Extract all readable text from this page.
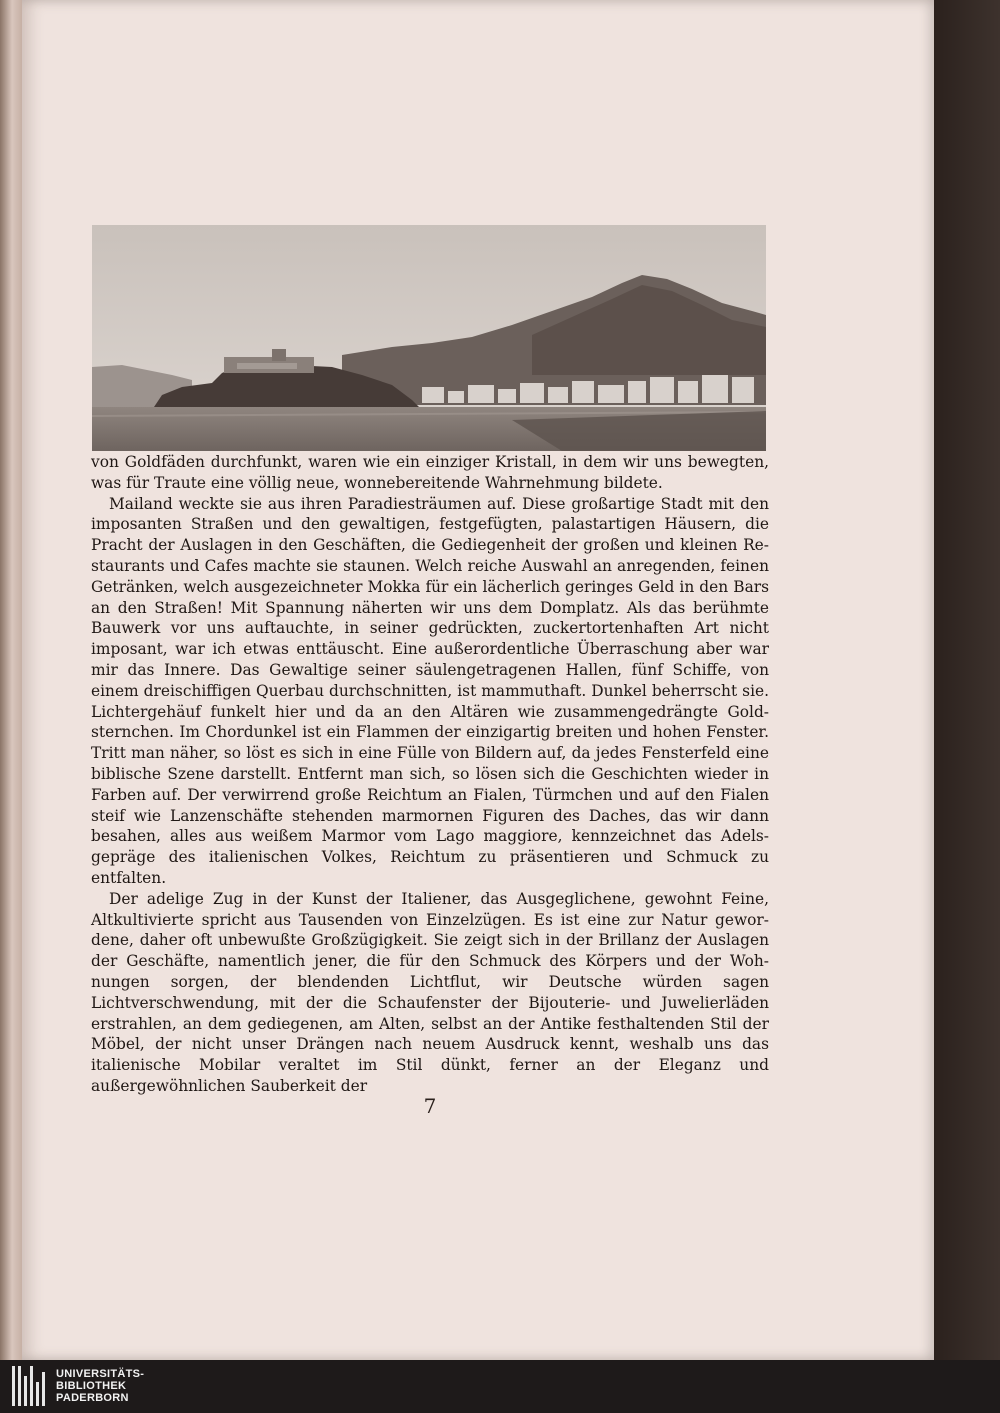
von Goldfäden durchfunkt, waren wie ein einziger Kristall, in dem wir uns bewegten, was für Traute eine völlig neue, wonnebereitende Wahrnehmung bildete.

Mailand weckte sie aus ihren Paradiesträumen auf. Diese großartige Stadt mit den imposanten Straßen und den gewaltigen, festgefügten, palastartigen Häusern, die Pracht der Auslagen in den Geschäften, die Gediegenheit der großen und kleinen Restaurants und Cafes machte sie staunen. Welch reiche Auswahl an anregenden, feinen Getränken, welch ausgezeichneter Mokka für ein lächerlich geringes Geld in den Bars an den Straßen! Mit Spannung näherten wir uns dem Domplatz. Als das berühmte Bauwerk vor uns auftauchte, in seiner gedrückten, zuckertortenhaften Art nicht imposant, war ich etwas enttäuscht. Eine außerordentliche Überraschung aber war mir das Innere. Das Gewaltige seiner säulengetragenen Hallen, fünf Schiffe, von einem dreischiffigen Querbau durchschnitten, ist mammuthaft. Dunkel beherrscht sie. Lichtergehäuf funkelt hier und da an den Altären wie zusammengedrängte Goldsternchen. Im Chordunkel ist ein Flammen der einzigartig breiten und hohen Fenster. Tritt man näher, so löst es sich in eine Fülle von Bildern auf, da jedes Fensterfeld eine biblische Szene darstellt. Entfernt man sich, so lösen sich die Geschichten wieder in Farben auf. Der verwirrend große Reichtum an Fialen, Türmchen und auf den Fialen steif wie Lanzenschäfte stehenden marmornen Figuren des Daches, das wir dann besahen, alles aus weißem Marmor vom Lago maggiore, kennzeichnet das Adelsgepräge des italienischen Volkes, Reichtum zu präsentieren und Schmuck zu entfalten.

Der adelige Zug in der Kunst der Italiener, das Ausgeglichene, gewohnt Feine, Altkultivierte spricht aus Tausenden von Einzelzügen. Es ist eine zur Natur gewordene, daher oft unbewußte Großzügigkeit. Sie zeigt sich in der Brillanz der Auslagen der Geschäfte, namentlich jener, die für den Schmuck des Körpers und der Wohnungen sorgen, der blendenden Lichtflut, wir Deutsche würden sagen Lichtverschwendung, mit der die Schaufenster der Bijouterie- und Juwelierläden erstrahlen, an dem gediegenen, am Alten, selbst an der Antike festhaltenden Stil der Möbel, der nicht unser Drängen nach neuem Ausdruck kennt, weshalb uns das italienische Mobilar veraltet im Stil dünkt, ferner an der Eleganz und außergewöhnlichen Sauberkeit der

7
UNIVERSITÄTS-
BIBLIOTHEK
PADERBORN
